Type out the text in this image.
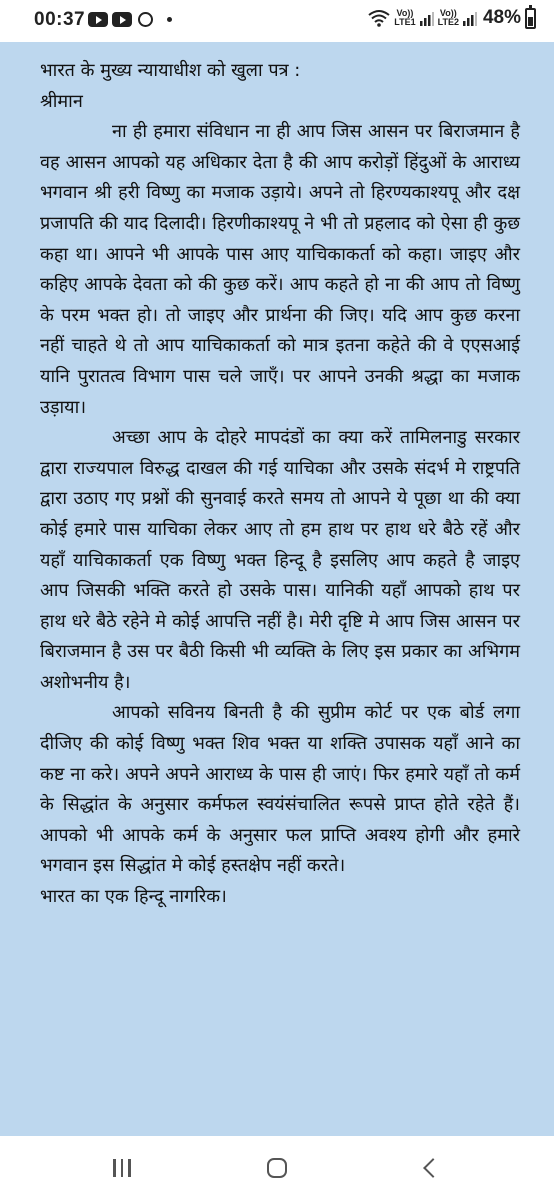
00:37	Vo))
LTE1
Vo))
LTE2 48%

भारत के मुख्य न्यायाधीश को खुला पत्र :

श्रीमान

ना ही हमारा संविधान ना ही आप जिस आसन पर बिराजमान है वह आसन आपको यह अधिकार देता है की आप करोड़ों हिंदुओं के आराध्य भगवान श्री हरी विष्णु का मजाक उड़ाये। अपने तो हिरण्यकाश्यपू और दक्ष प्रजापति की याद दिलादी। हिरणीकाश्यपू ने भी तो प्रहलाद को ऐसा ही कुछ कहा था। आपने भी आपके पास आए याचिकाकर्ता को कहा। जाइए और कहिए आपके देवता को की कुछ करें। आप कहते हो ना की आप तो विष्णु के परम भक्त हो। तो जाइए और प्रार्थना की जिए। यदि आप कुछ करना नहीं चाहते थे तो आप याचिकाकर्ता को मात्र इतना कहेते की वे एएसआई यानि पुरातत्व विभाग पास चले जाएँ। पर आपने उनकी श्रद्धा का मजाक उड़ाया।

अच्छा आप के दोहरे मापदंडों का क्या करें तामिलनाडु सरकार द्वारा राज्यपाल विरुद्ध दाखल की गई याचिका और उसके संदर्भ मे राष्ट्रपति द्वारा उठाए गए प्रश्नों की सुनवाई करते समय तो आपने ये पूछा था की क्या कोई हमारे पास याचिका लेकर आए तो हम हाथ पर हाथ धरे बैठे रहें और यहाँ याचिकाकर्ता एक विष्णु भक्त हिन्दू है इसलिए आप कहते है जाइए आप जिसकी भक्ति करते हो उसके पास। यानिकी यहाँ आपको हाथ पर हाथ धरे बैठे रहेने मे कोई आपत्ति नहीं है। मेरी दृष्टि मे आप जिस आसन पर बिराजमान है उस पर बैठी किसी भी व्यक्ति के लिए इस प्रकार का अभिगम अशोभनीय है।

आपको सविनय बिनती है की सुप्रीम कोर्ट पर एक बोर्ड लगा दीजिए की कोई विष्णु भक्त शिव भक्त या शक्ति उपासक यहाँ आने का कष्ट ना करे। अपने अपने आराध्य के पास ही जाएं। फिर हमारे यहाँ तो कर्म के सिद्धांत के अनुसार कर्मफल स्वयंसंचालित रूपसे प्राप्त होते रहेते हैं। आपको भी आपके कर्म के अनुसार फल प्राप्ति अवश्य होगी और हमारे भगवान इस सिद्धांत मे कोई हस्तक्षेप नहीं करते।

भारत का एक हिन्दू नागरिक।
